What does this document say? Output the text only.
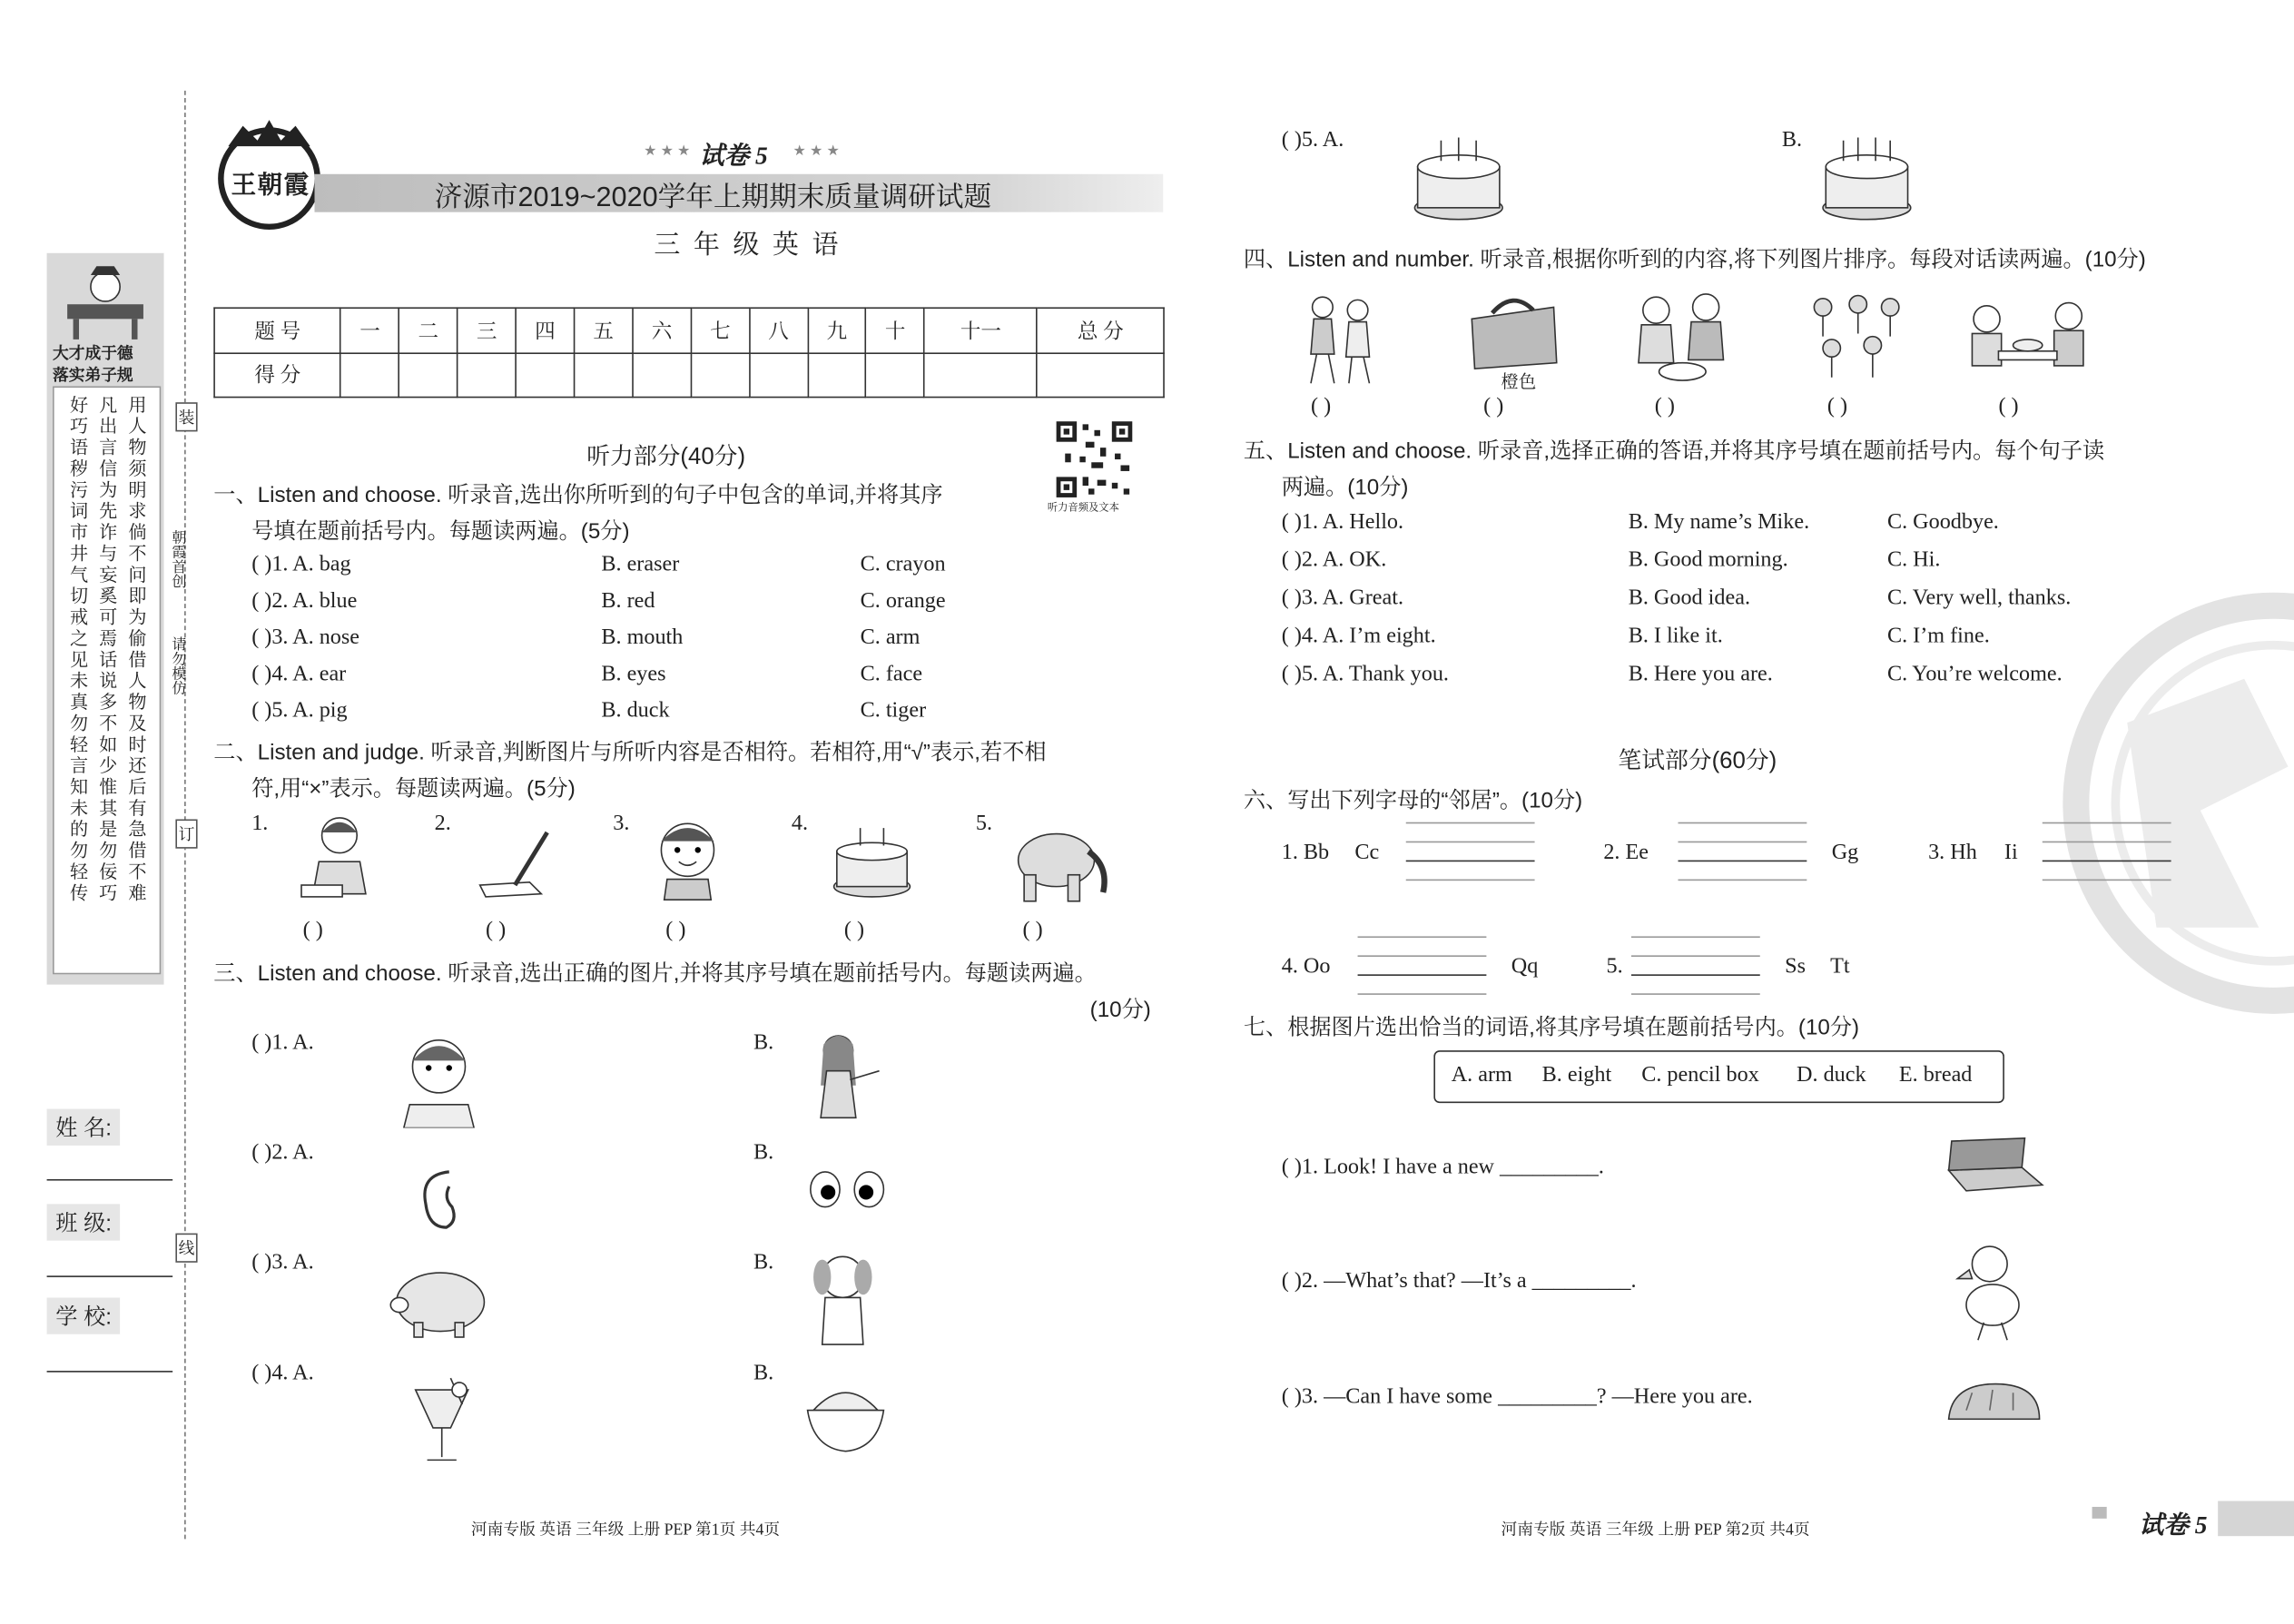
大才成于德
落实弟子规
用人物须明求倘不问即为偷借人物及时还后有急借不难
凡出言信为先诈与妄奚可焉话说多不如少惟其是勿佞巧
好巧语秽污词市井气切戒之见未真勿轻言知未的勿轻传	装
订
线
朝霞首创
请勿模仿
姓 名:
班 级:
学 校:
王朝霞
试卷 5
★ ★ ★	★ ★ ★
济源市2019~2020学年上期期末质量调研试题
三 年 级 英 语
题 号	一	二	三	四	五	六	七	八	九	十	十一	总 分
得 分												
听力音频及文本
听力部分(40分)
一、Listen and choose. 听录音,选出你所听到的句子中包含的单词,并将其序
号填在题前括号内。每题读两遍。(5分)
( )1. A. bag	B. eraser	C. crayon
( )2. A. blue	B. red	C. orange
( )3. A. nose	B. mouth	C. arm
( )4. A. ear	B. eyes	C. face
( )5. A. pig	B. duck	C. tiger
二、Listen and judge. 听录音,判断图片与所听内容是否相符。若相符,用“√”表示,若不相
符,用“×”表示。每题读两遍。(5分)
1.	2.	3.	4.	5.
( )	( )	( )	( )	( )
三、Listen and choose. 听录音,选出正确的图片,并将其序号填在题前括号内。每题读两遍。
(10分)
( )1. A.	B.
( )2. A.	B.
( )3. A.	B.
( )4. A.	B.
( )5. A.	B.
四、Listen and number. 听录音,根据你听到的内容,将下列图片排序。每段对话读两遍。(10分)
橙色
( )	( )	( )	( )	( )
五、Listen and choose. 听录音,选择正确的答语,并将其序号填在题前括号内。每个句子读
两遍。(10分)
( )1. A. Hello.	B. My name’s Mike.	C. Goodbye.
( )2. A. OK.	B. Good morning.	C. Hi.
( )3. A. Great.	B. Good idea.	C. Very well, thanks.
( )4. A. I’m eight.	B. I like it.	C. I’m fine.
( )5. A. Thank you.	B. Here you are.	C. You’re welcome.
笔试部分(60分)
六、写出下列字母的“邻居”。(10分)
1. Bb Cc	2. Ee	Gg	3. Hh Ii
4. Oo	Qq	5.	Ss Tt
七、根据图片选出恰当的词语,将其序号填在题前括号内。(10分)
A. arm B. eight C. pencil box	D. duck E. bread
( )1. Look! I have a new _________.
( )2. —What’s that? —It’s a _________.
( )3. —Can I have some _________? —Here you are.
河南专版 英语 三年级 上册 PEP 第1页 共4页	河南专版 英语 三年级 上册 PEP 第2页 共4页	试卷 5
